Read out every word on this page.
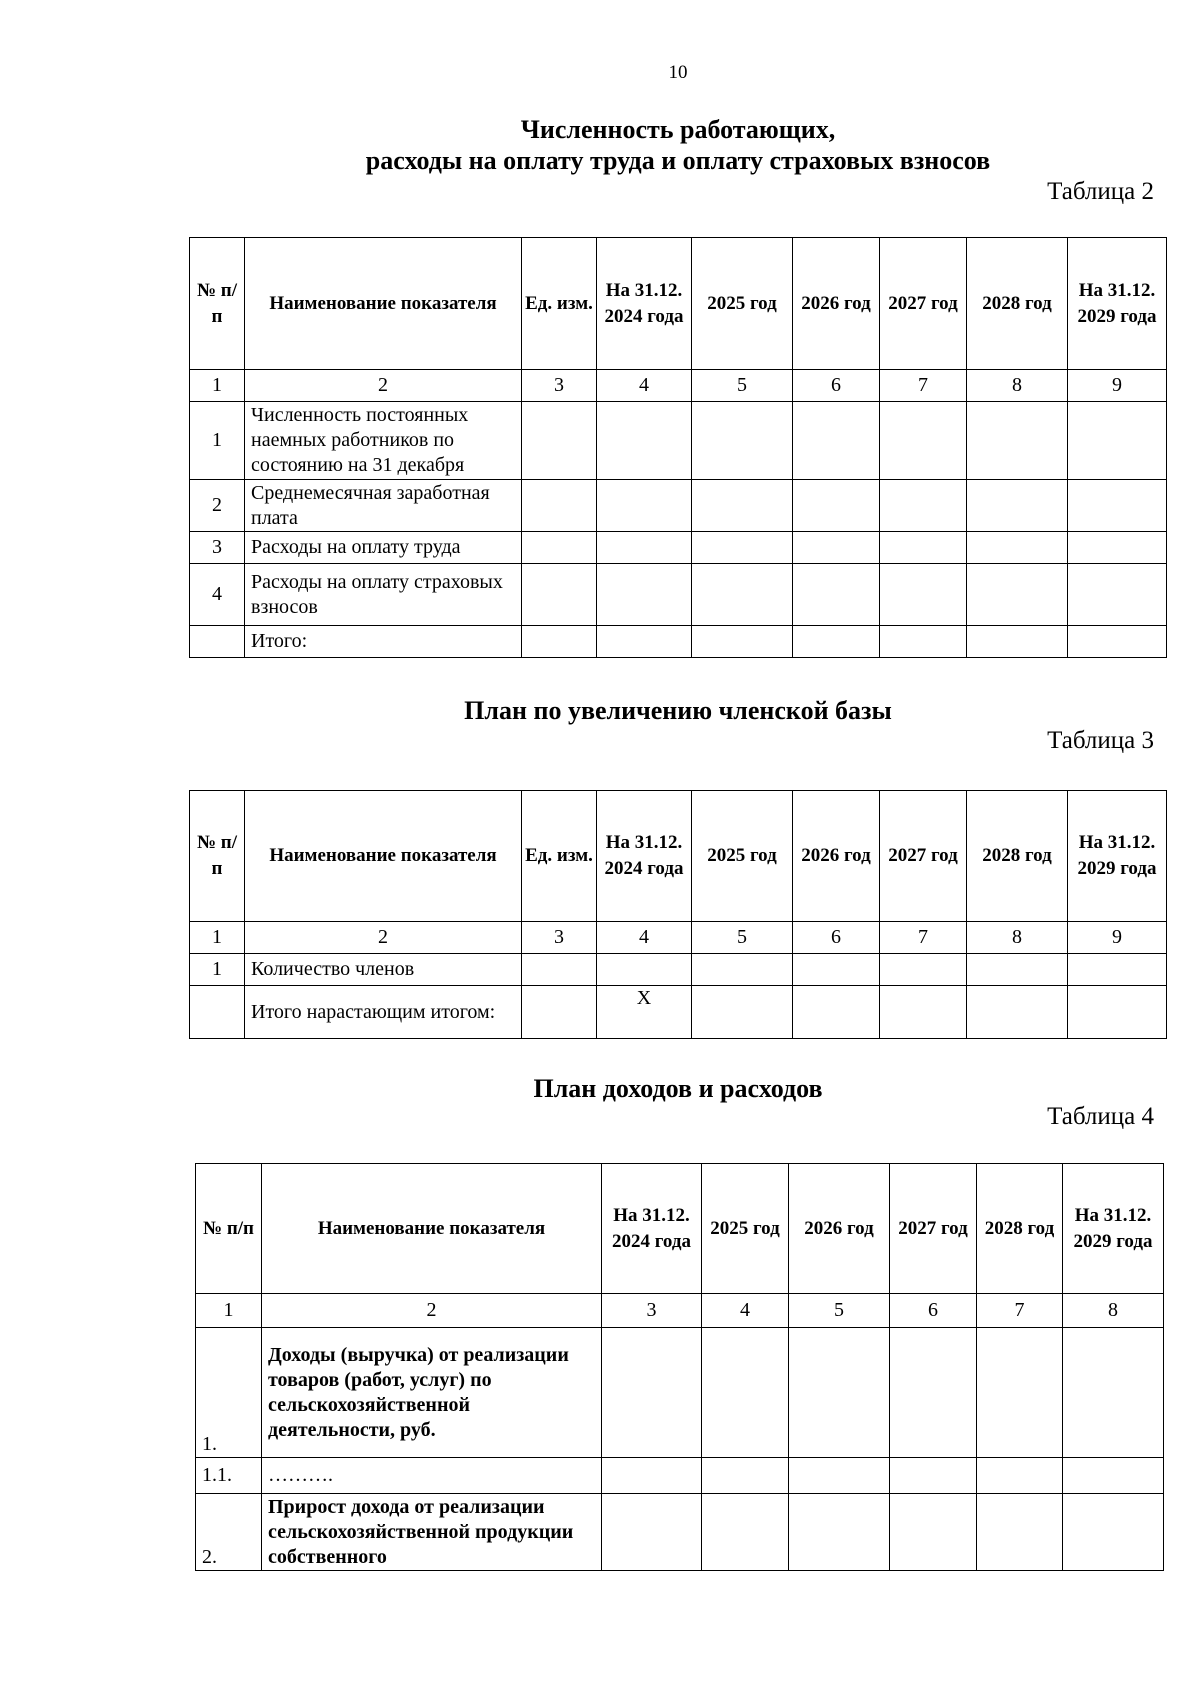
10
Численность работающих,
расходы на оплату труда и оплату страховых взносов
Таблица 2
№ п/п	Наименование показателя	Ед. изм.	На 31.12. 2024 года	2025 год	2026 год	2027 год	2028 год	На 31.12. 2029 года
1	2	3	4	5	6	7	8	9
1	Численность постоянных наемных работников по состоянию на 31 декабря							
2	Среднемесячная заработная плата							
3	Расходы на оплату труда							
4	Расходы на оплату страховых взносов							
	Итого:							
План по увеличению членской базы
Таблица 3
№ п/п	Наименование показателя	Ед. изм.	На 31.12. 2024 года	2025 год	2026 год	2027 год	2028 год	На 31.12. 2029 года
1	2	3	4	5	6	7	8	9
1	Количество членов							
	Итого нарастающим итогом:		X					
План доходов и расходов
Таблица 4
№ п/п	Наименование показателя	На 31.12. 2024 года	2025 год	2026 год	2027 год	2028 год	На 31.12. 2029 года
1	2	3	4	5	6	7	8
1.	Доходы (выручка) от реализации товаров (работ, услуг) по сельскохозяйственной деятельности, руб.						
1.1.	……….						
2.	Прирост дохода от реализации сельскохозяйственной продукции собственного						
